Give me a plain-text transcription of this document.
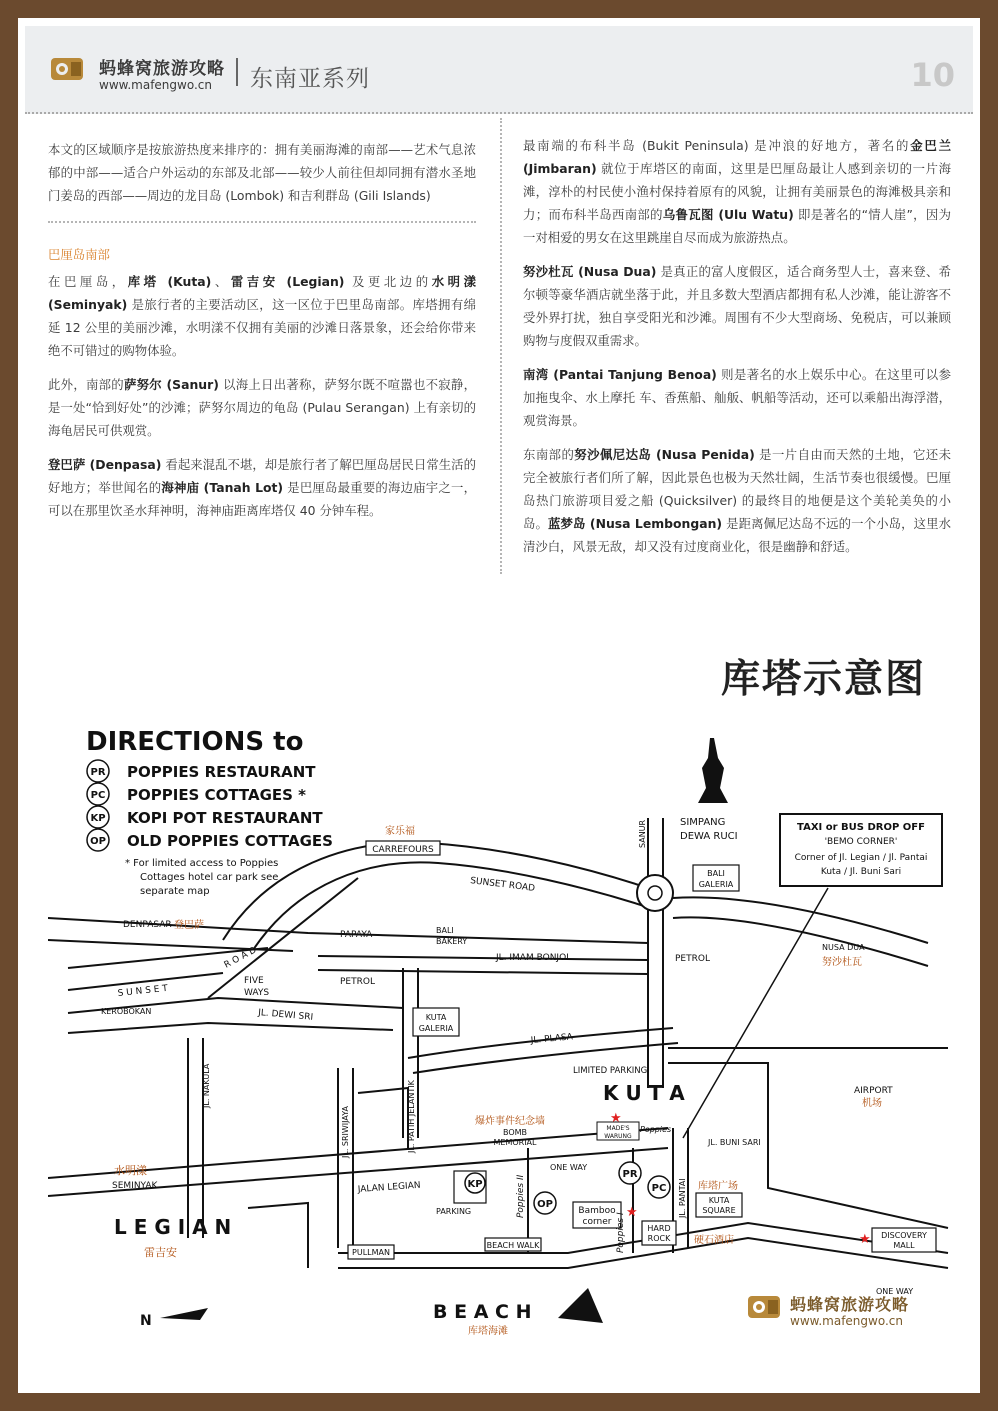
蚂蜂窝旅游攻略
www.mafengwo.cn 东南亚系列	10

本文的区域顺序是按旅游热度来排序的：拥有美丽海滩的南部——艺术气息浓郁的中部——适合户外运动的东部及北部——较少人前往但却同拥有潜水圣地门姜岛的西部——周边的龙目岛 (Lombok) 和吉利群岛 (Gili Islands)

巴厘岛南部

在巴厘岛，库塔 (Kuta)、雷吉安 (Legian) 及更北边的水明漾 (Seminyak) 是旅行者的主要活动区，这一区位于巴里岛南部。库塔拥有绵延 12 公里的美丽沙滩，水明漾不仅拥有美丽的沙滩日落景象，还会给你带来绝不可错过的购物体验。

此外，南部的萨努尔 (Sanur) 以海上日出著称，萨努尔既不喧嚣也不寂静，是一处“恰到好处”的沙滩；萨努尔周边的龟岛 (Pulau Serangan) 上有亲切的海龟居民可供观赏。

登巴萨 (Denpasa) 看起来混乱不堪，却是旅行者了解巴厘岛居民日常生活的好地方；举世闻名的海神庙 (Tanah Lot) 是巴厘岛最重要的海边庙宇之一，可以在那里饮圣水拜神明，海神庙距离库塔仅 40 分钟车程。

最南端的布科半岛 (Bukit Peninsula) 是冲浪的好地方，著名的金巴兰 (Jimbaran) 就位于库塔区的南面，这里是巴厘岛最让人感到亲切的一片海滩，淳朴的村民使小渔村保持着原有的风貌，让拥有美丽景色的海滩极具亲和力；而布科半岛西南部的乌鲁瓦图 (Ulu Watu) 即是著名的“情人崖”，因为一对相爱的男女在这里跳崖自尽而成为旅游热点。

努沙杜瓦 (Nusa Dua) 是真正的富人度假区，适合商务型人士，喜来登、希尔顿等豪华酒店就坐落于此，并且多数大型酒店都拥有私人沙滩，能让游客不受外界打扰，独自享受阳光和沙滩。周围有不少大型商场、免税店，可以兼顾购物与度假双重需求。

南湾 (Pantai Tanjung Benoa) 则是著名的水上娱乐中心。在这里可以参加拖曳伞、水上摩托 车、香蕉船、舢舨、帆船等活动，还可以乘船出海浮潜，观赏海景。

东南部的努沙佩尼达岛 (Nusa Penida) 是一片自由而天然的土地，它还未完全被旅行者们所了解，因此景色也极为天然壮阔，生活节奏也很缓慢。巴厘岛热门旅游项目爱之船 (Quicksilver) 的最终目的地便是这个美轮美奂的小岛。蓝梦岛 (Nusa Lembongan) 是距离佩尼达岛不远的一个小岛，这里水清沙白，风景无敌，却又没有过度商业化，很是幽静和舒适。

库塔示意图
DIRECTIONS to
PR POPPIES RESTAURANT
PC POPPIES COTTAGES *
KP KOPI POT RESTAURANT
OP OLD POPPIES COTTAGES
* For limited access to Poppies
Cottages hotel car park see
separate map
TAXI or BUS DROP OFF
'BEMO CORNER'
Corner of Jl. Legian / Jl. Pantai
Kuta / Jl. Buni Sari
家乐福
CARREFOURS
SIMPANG
DEWA RUCI
SANUR
SUNSET ROAD
BALI
GALERIA
DENPASAR 登巴萨
PAPAYA	BALI
BAKERY
JL. IMAM BONJOL	PETROL
NUSA DUA
努沙杜瓦
S U N S E T
R O A D
FIVE
WAYS
PETROL
KEROBOKAN	JL. DEWI SRI	KUTA
GALERIA
JL. PLASA
LIMITED PARKING
K U T A	AIRPORT
机场
JL. NAKULA
JL. SRIWIJAYA	JL. PATIH JELANTIK	爆炸事件纪念墙
BOMB
MEMORIAL
MADE'S
WARUNG
Poppies
JL. BUNI SARI
水明漾
SEMINYAK	JALAN LEGIAN	KP
PARKING
ONE WAY
Poppies II OP
Bamboo
corner Poppies I
PR
PC	库塔广场
KUTA
SQUARE
JL. PANTAI
HARD
ROCK 硬石酒店	DISCOVERY
MALL
L E G I A N
雷吉安	PULLMAN
BEACH WALK
ONE WAY
N	B E A C H
库塔海滩
★
★
★
蚂蜂窝旅游攻略
www.mafengwo.cn
